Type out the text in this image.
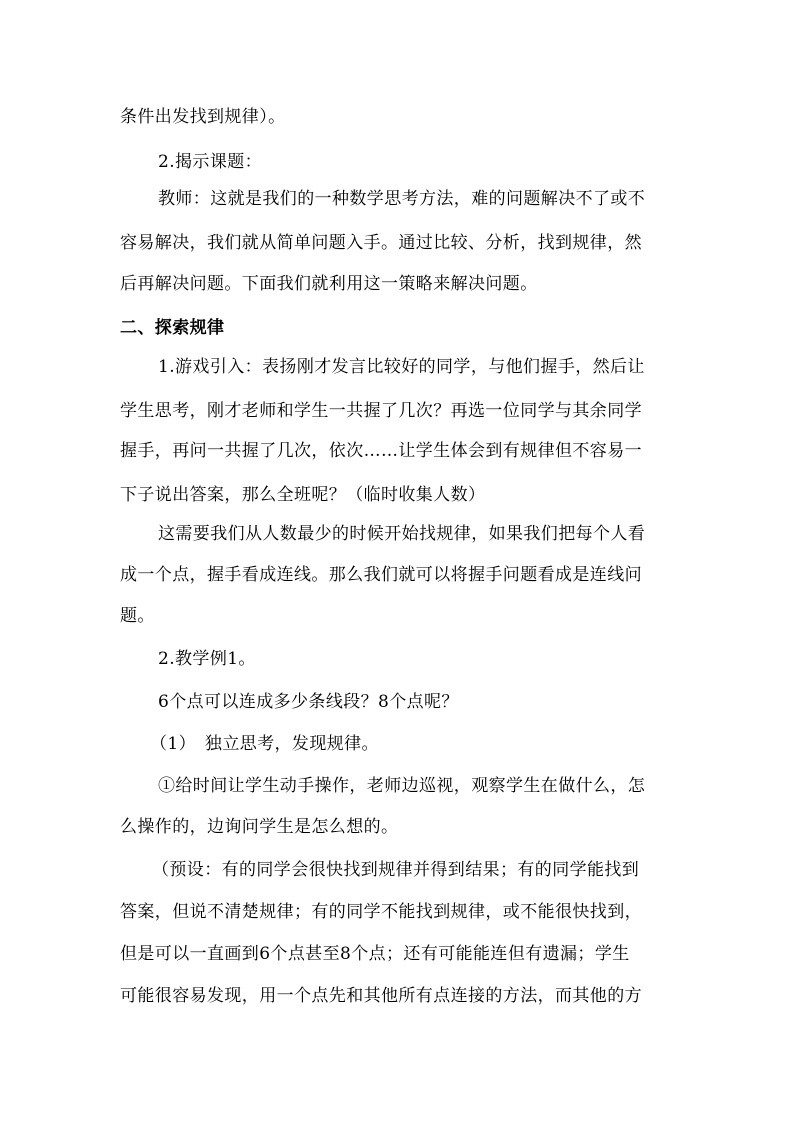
条件出发找到规律）。
2.揭示课题：
教师：这就是我们的一种数学思考方法，难的问题解决不了或不
容易解决，我们就从简单问题入手。通过比较、分析，找到规律，然
后再解决问题。下面我们就利用这一策略来解决问题。
二、探索规律
1.游戏引入：表扬刚才发言比较好的同学，与他们握手，然后让
学生思考，刚才老师和学生一共握了几次？再选一位同学与其余同学
握手，再问一共握了几次，依次……让学生体会到有规律但不容易一
下子说出答案，那么全班呢？（临时收集人数）
这需要我们从人数最少的时候开始找规律，如果我们把每个人看
成一个点，握手看成连线。那么我们就可以将握手问题看成是连线问
题。
2.教学例1。
6个点可以连成多少条线段？8个点呢？
（1）　独立思考，发现规律。
①给时间让学生动手操作，老师边巡视，观察学生在做什么，怎
么操作的，边询问学生是怎么想的。
（预设：有的同学会很快找到规律并得到结果；有的同学能找到
答案，但说不清楚规律；有的同学不能找到规律，或不能很快找到，
但是可以一直画到6个点甚至8个点；还有可能能连但有遗漏；学生
可能很容易发现，用一个点先和其他所有点连接的方法，而其他的方
